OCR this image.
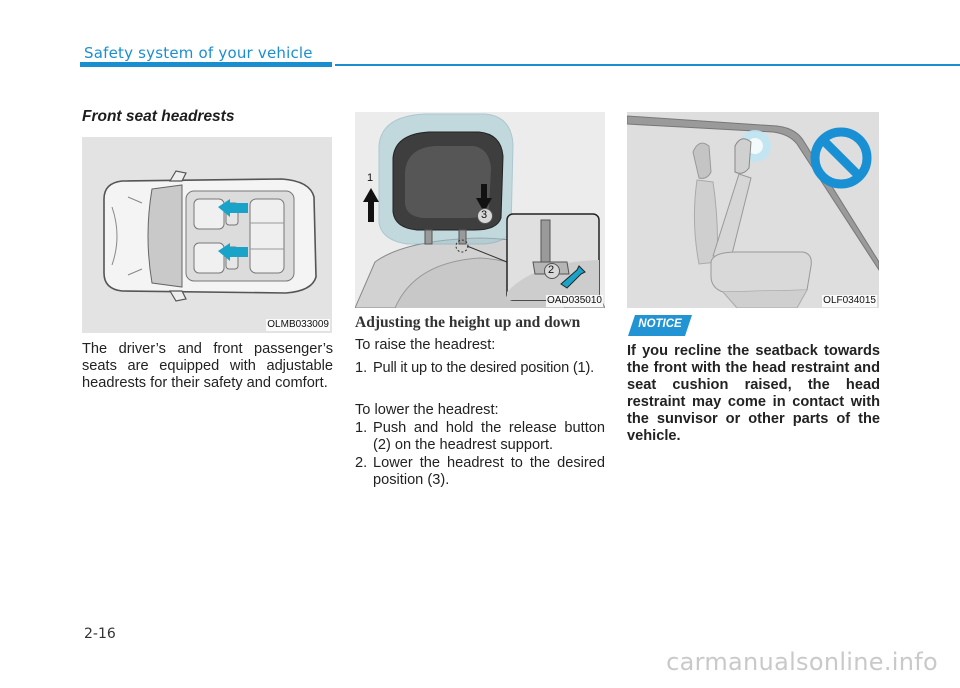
Safety system of your vehicle
Front seat headrests
OLMB033009

The driver’s and front passenger’s seats are equipped with adjustable headrests for their safety and comfort.

1
3
2
OAD035010
Adjusting the height up and down
To raise the headrest:
1. Pull it up to the desired position (1).
To lower the headrest:
1. Push and hold the release button (2) on the headrest support.
2. Lower the headrest to the desired position (3).
OLF034015
NOTICE

If you recline the seatback towards the front with the head restraint and seat cushion raised, the head restraint may come in contact with the sunvisor or other parts of the vehicle.

2-16
carmanualsonline.info
